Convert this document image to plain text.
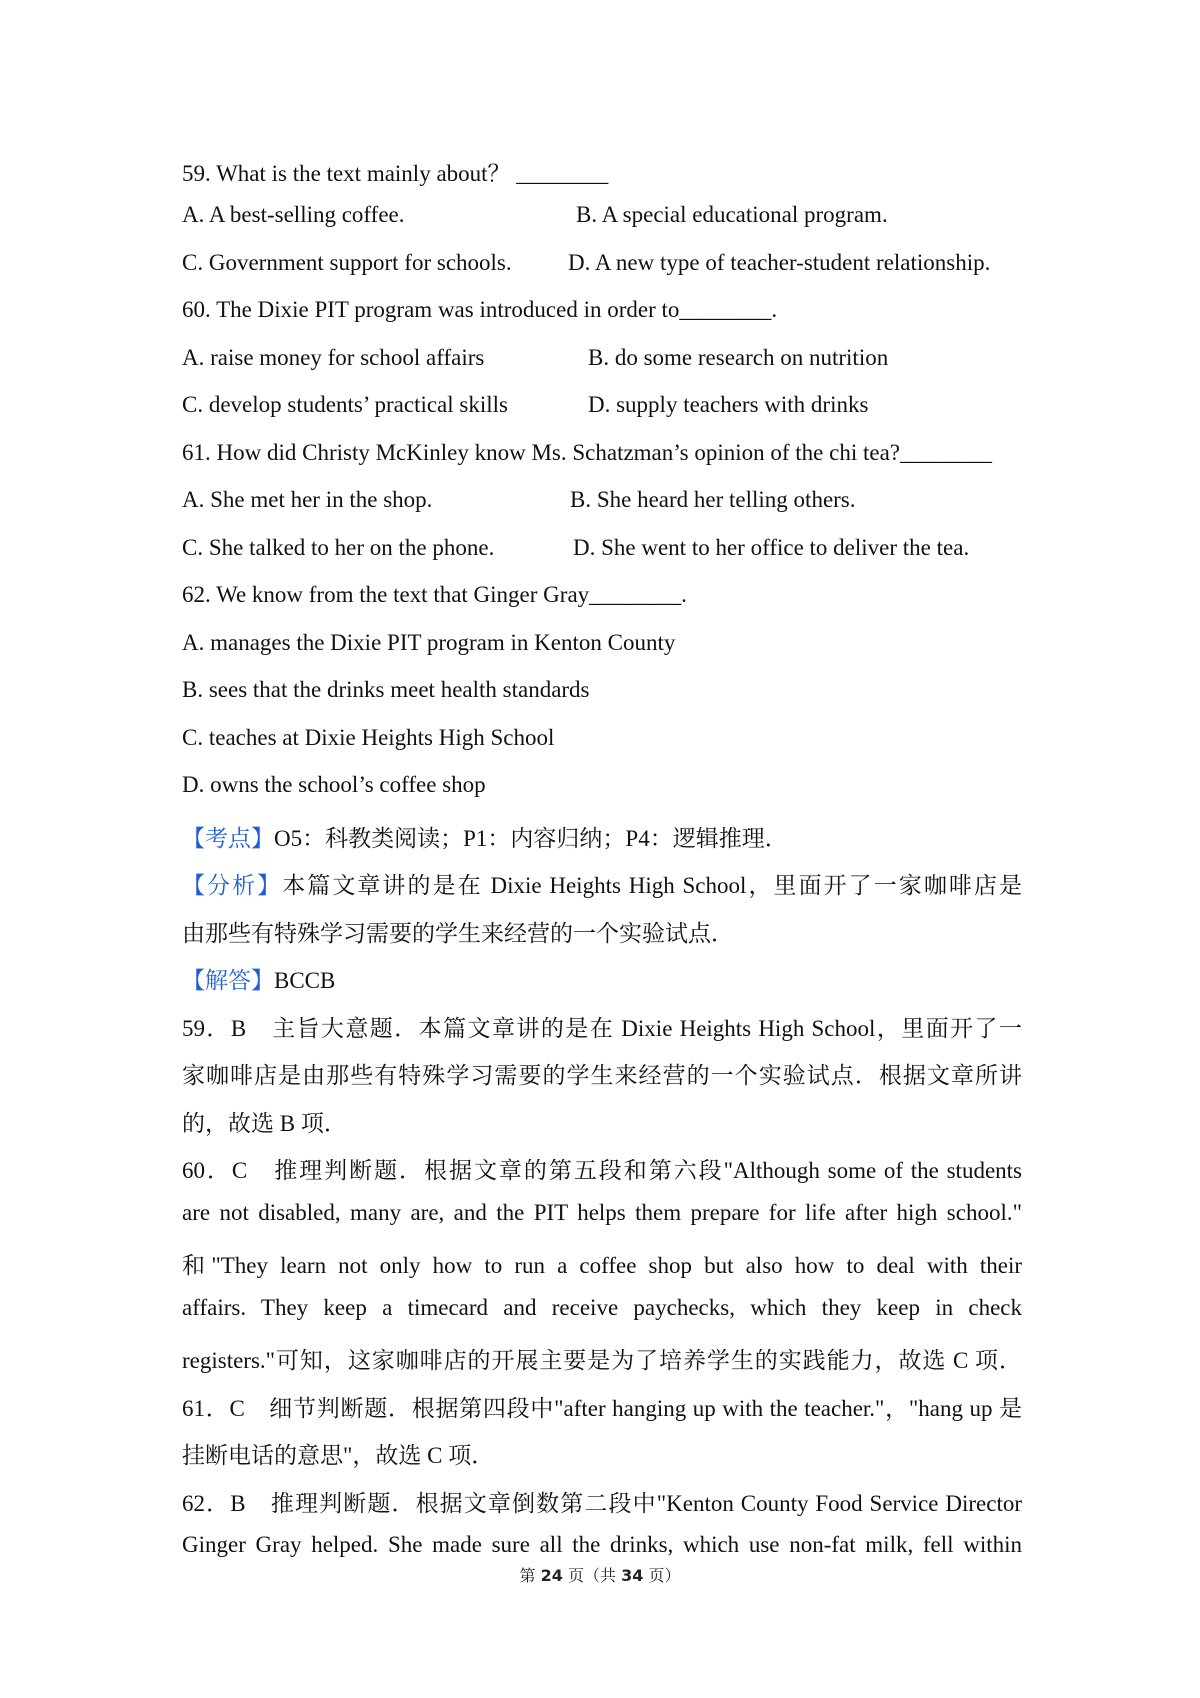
59. What is the text mainly about？ ________
A. A best-selling coffee.	B. A special educational program.
C. Government support for schools. D. A new type of teacher-student relationship.
60. The Dixie PIT program was introduced in order to________.
A. raise money for school affairs	B. do some research on nutrition
C. develop students’ practical skills	D. supply teachers with drinks
61. How did Christy McKinley know Ms. Schatzman’s opinion of the chi tea?________
A. She met her in the shop.	B. She heard her telling others.
C. She talked to her on the phone.	D. She went to her office to deliver the tea.
62. We know from the text that Ginger Gray________.
A. manages the Dixie PIT program in Kenton County
B. sees that the drinks meet health standards
C. teaches at Dixie Heights High School
D. owns the school’s coffee shop
【考点】O5：科教类阅读；P1：内容归纳；P4：逻辑推理．
【分析】本篇文章讲的是在 Dixie Heights High School，里面开了一家咖啡店是
由那些有特殊学习需要的学生来经营的一个实验试点．
【解答】BCCB
59．B　主旨大意题．本篇文章讲的是在 Dixie Heights High School，里面开了一
家咖啡店是由那些有特殊学习需要的学生来经营的一个实验试点．根据文章所讲
的，故选 B 项．
60．C　推理判断题．根据文章的第五段和第六段"Although some of the students
are not disabled, many are, and the PIT helps them prepare for life after high school."
和"They learn not only how to run a coffee shop but also how to deal with their
affairs. They keep a timecard and receive paychecks, which they keep in check
registers."可知，这家咖啡店的开展主要是为了培养学生的实践能力，故选 C 项．
61．C　细节判断题．根据第四段中"after hanging up with the teacher."，"hang up 是
挂断电话的意思"，故选 C 项．
62．B　推理判断题．根据文章倒数第二段中"Kenton County Food Service Director
Ginger Gray helped. She made sure all the drinks, which use non-fat milk, fell within
第 24 页（共 34 页）
